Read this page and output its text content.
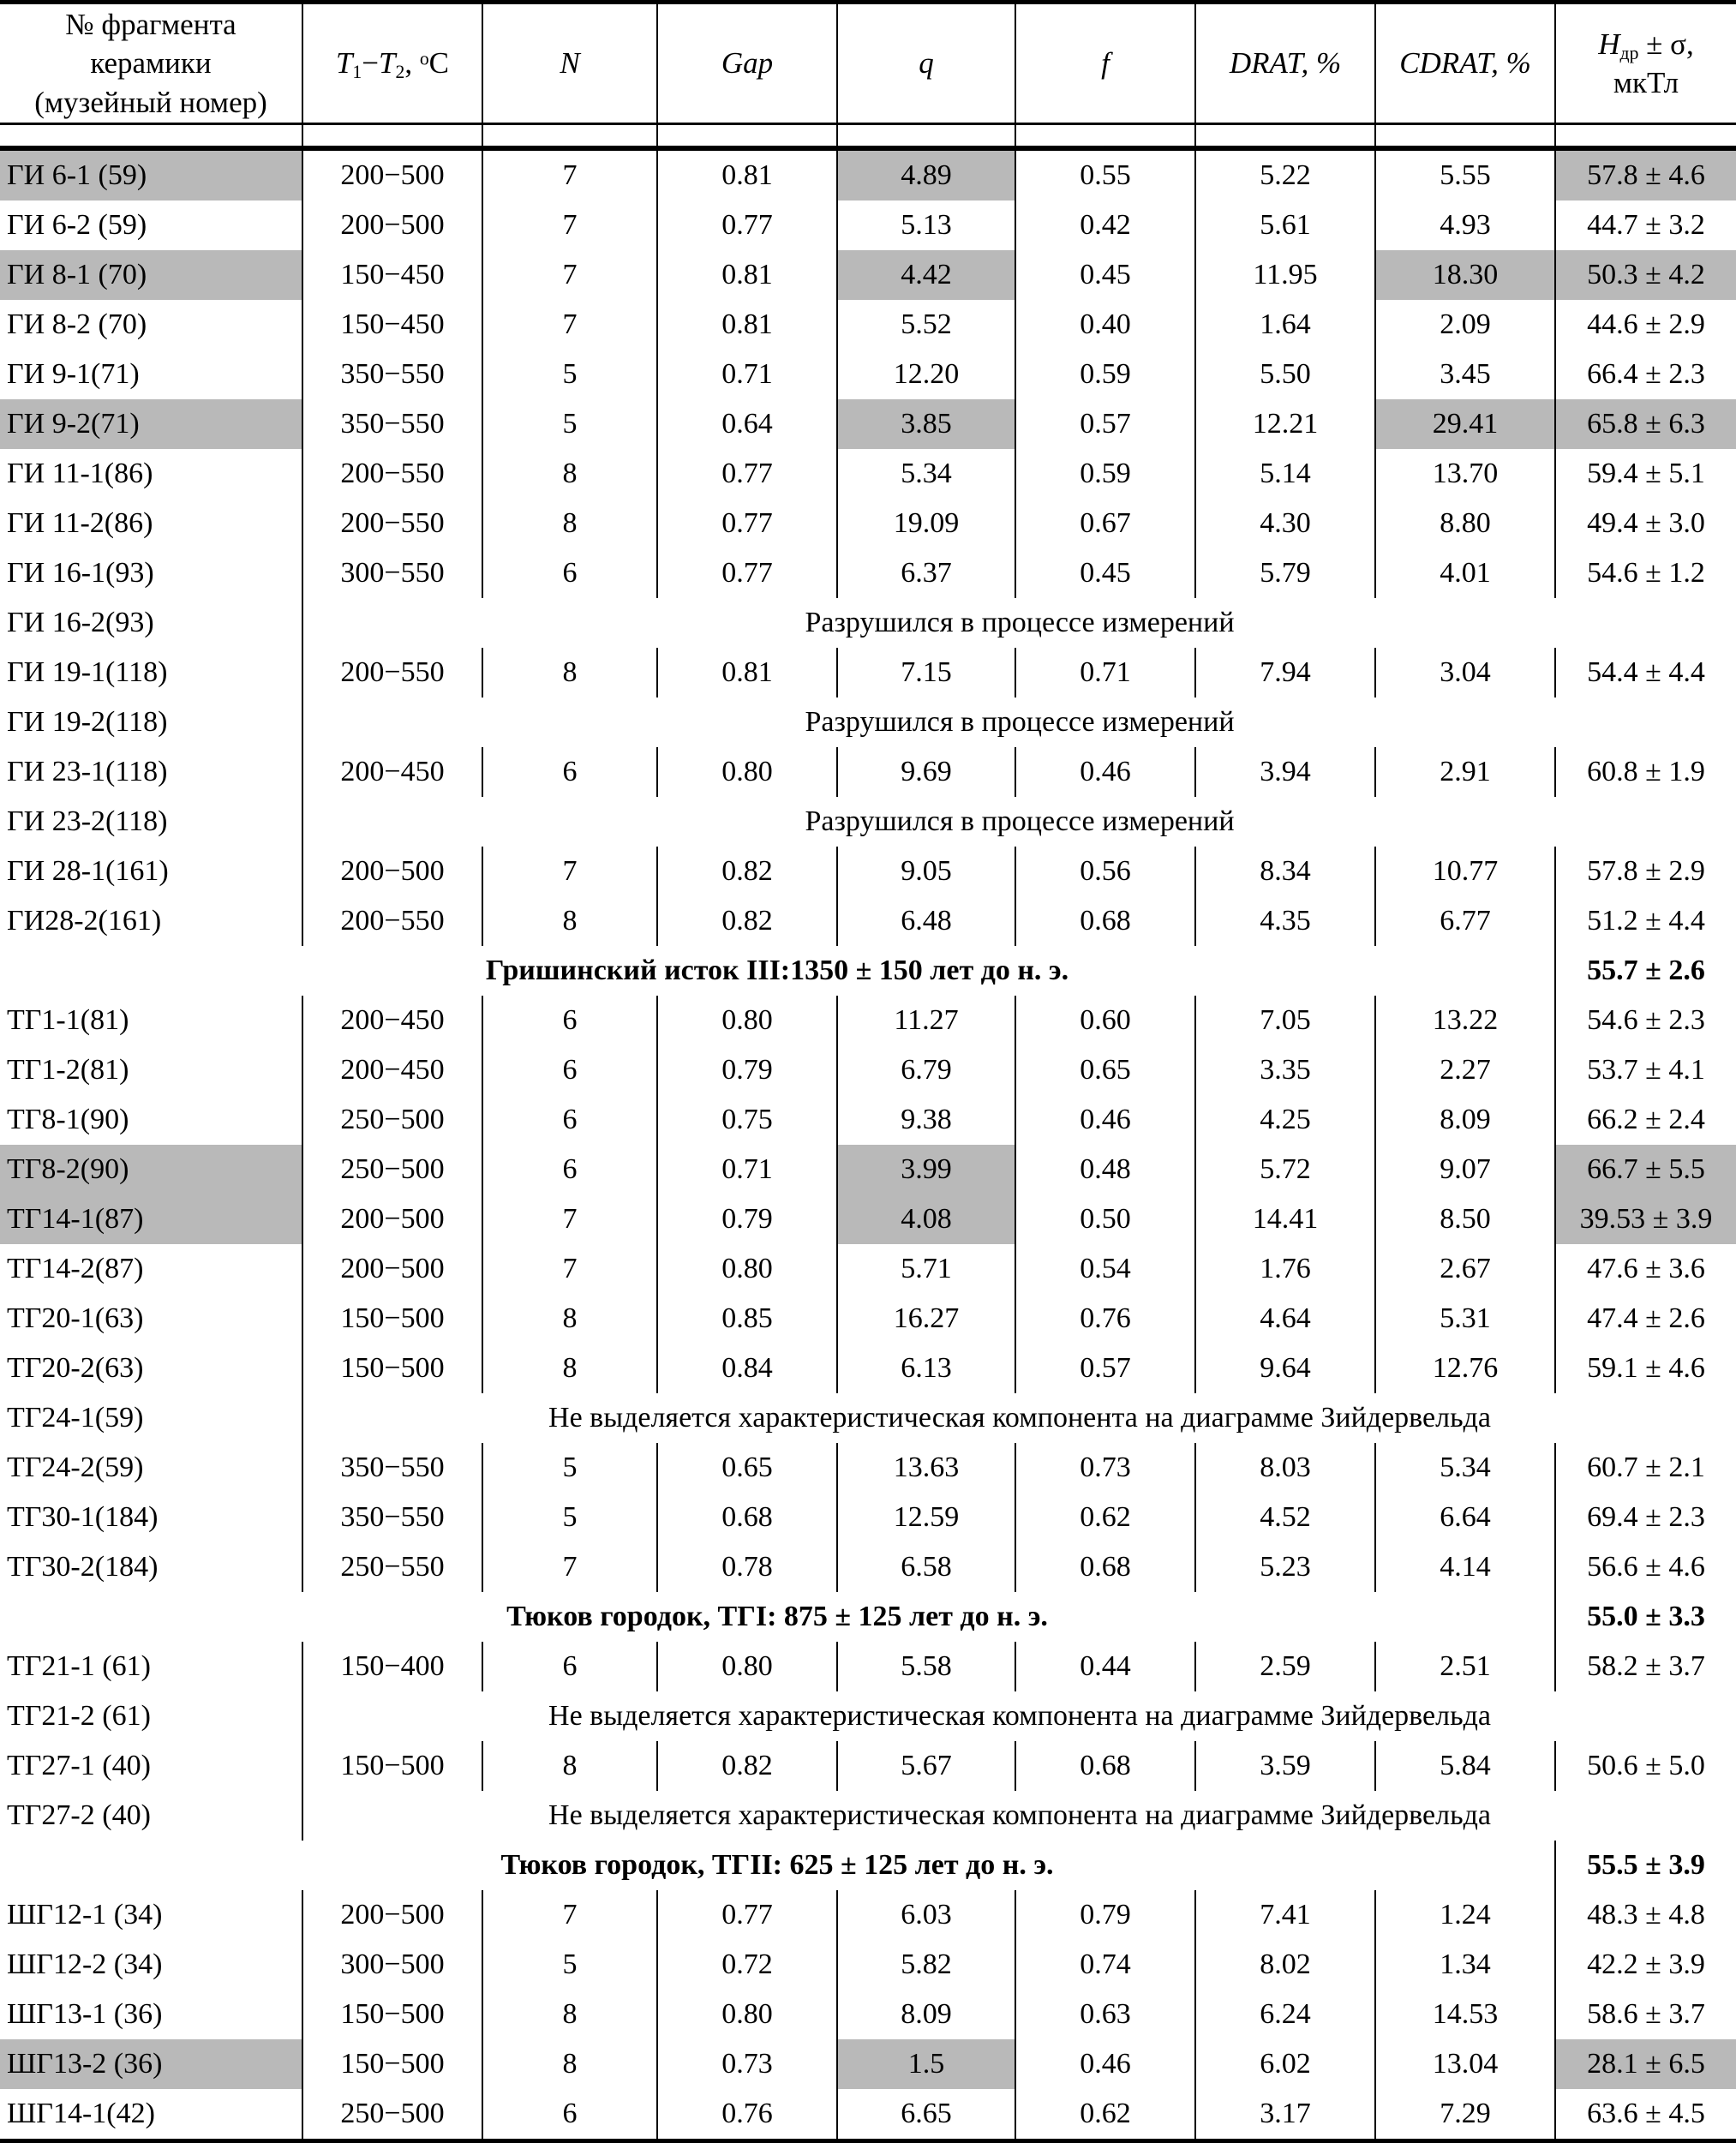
№ фрагмента
керамики
(музейный номер)
	T1−T2, $^o$C	N	Gap	q	f	DRAT, %	CDRAT, %	Hдр ± σ,
мкТл

ГИ 6-1 (59)	200−500	7	0.81	4.89	0.55	5.22	5.55	57.8 ± 4.6
ГИ 6-2 (59)	200−500	7	0.77	5.13	0.42	5.61	4.93	44.7 ± 3.2
ГИ 8-1 (70)	150−450	7	0.81	4.42	0.45	11.95	18.30	50.3 ± 4.2
ГИ 8-2 (70)	150−450	7	0.81	5.52	0.40	1.64	2.09	44.6 ± 2.9
ГИ 9-1(71)	350−550	5	0.71	12.20	0.59	5.50	3.45	66.4 ± 2.3
ГИ 9-2(71)	350−550	5	0.64	3.85	0.57	12.21	29.41	65.8 ± 6.3
ГИ 11-1(86)	200−550	8	0.77	5.34	0.59	5.14	13.70	59.4 ± 5.1
ГИ 11-2(86)	200−550	8	0.77	19.09	0.67	4.30	8.80	49.4 ± 3.0
ГИ 16-1(93)	300−550	6	0.77	6.37	0.45	5.79	4.01	54.6 ± 1.2
ГИ 16-2(93)	Разрушился в процессе измерений							
ГИ 19-1(118)	200−550	8	0.81	7.15	0.71	7.94	3.04	54.4 ± 4.4
ГИ 19-2(118)	Разрушился в процессе измерений							
ГИ 23-1(118)	200−450	6	0.80	9.69	0.46	3.94	2.91	60.8 ± 1.9
ГИ 23-2(118)	Разрушился в процессе измерений							
ГИ 28-1(161)	200−500	7	0.82	9.05	0.56	8.34	10.77	57.8 ± 2.9
ГИ28-2(161)	200−550	8	0.82	6.48	0.68	4.35	6.77	51.2 ± 4.4
Гришинский исток III:1350 ± 150 лет до н. э.								55.7 ± 2.6
ТГ1-1(81)	200−450	6	0.80	11.27	0.60	7.05	13.22	54.6 ± 2.3
ТГ1-2(81)	200−450	6	0.79	6.79	0.65	3.35	2.27	53.7 ± 4.1
ТГ8-1(90)	250−500	6	0.75	9.38	0.46	4.25	8.09	66.2 ± 2.4
ТГ8-2(90)	250−500	6	0.71	3.99	0.48	5.72	9.07	66.7 ± 5.5
ТГ14-1(87)	200−500	7	0.79	4.08	0.50	14.41	8.50	39.53 ± 3.9
ТГ14-2(87)	200−500	7	0.80	5.71	0.54	1.76	2.67	47.6 ± 3.6
ТГ20-1(63)	150−500	8	0.85	16.27	0.76	4.64	5.31	47.4 ± 2.6
ТГ20-2(63)	150−500	8	0.84	6.13	0.57	9.64	12.76	59.1 ± 4.6
ТГ24-1(59)	Не выделяется характеристическая компонента на диаграмме Зийдервельда							
ТГ24-2(59)	350−550	5	0.65	13.63	0.73	8.03	5.34	60.7 ± 2.1
ТГ30-1(184)	350−550	5	0.68	12.59	0.62	4.52	6.64	69.4 ± 2.3
ТГ30-2(184)	250−550	7	0.78	6.58	0.68	5.23	4.14	56.6 ± 4.6
Тюков городок, ТГI: 875 ± 125 лет до н. э.								55.0 ± 3.3
ТГ21-1 (61)	150−400	6	0.80	5.58	0.44	2.59	2.51	58.2 ± 3.7
ТГ21-2 (61)	Не выделяется характеристическая компонента на диаграмме Зийдервельда							
ТГ27-1 (40)	150−500	8	0.82	5.67	0.68	3.59	5.84	50.6 ± 5.0
ТГ27-2 (40)	Не выделяется характеристическая компонента на диаграмме Зийдервельда							
Тюков городок, ТГII: 625 ± 125 лет до н. э.								55.5 ± 3.9
ШГ12-1 (34)	200−500	7	0.77	6.03	0.79	7.41	1.24	48.3 ± 4.8
ШГ12-2 (34)	300−500	5	0.72	5.82	0.74	8.02	1.34	42.2 ± 3.9
ШГ13-1 (36)	150−500	8	0.80	8.09	0.63	6.24	14.53	58.6 ± 3.7
ШГ13-2 (36)	150−500	8	0.73	1.5	0.46	6.02	13.04	28.1 ± 6.5
ШГ14-1(42)	250−500	6	0.76	6.65	0.62	3.17	7.29	63.6 ± 4.5
